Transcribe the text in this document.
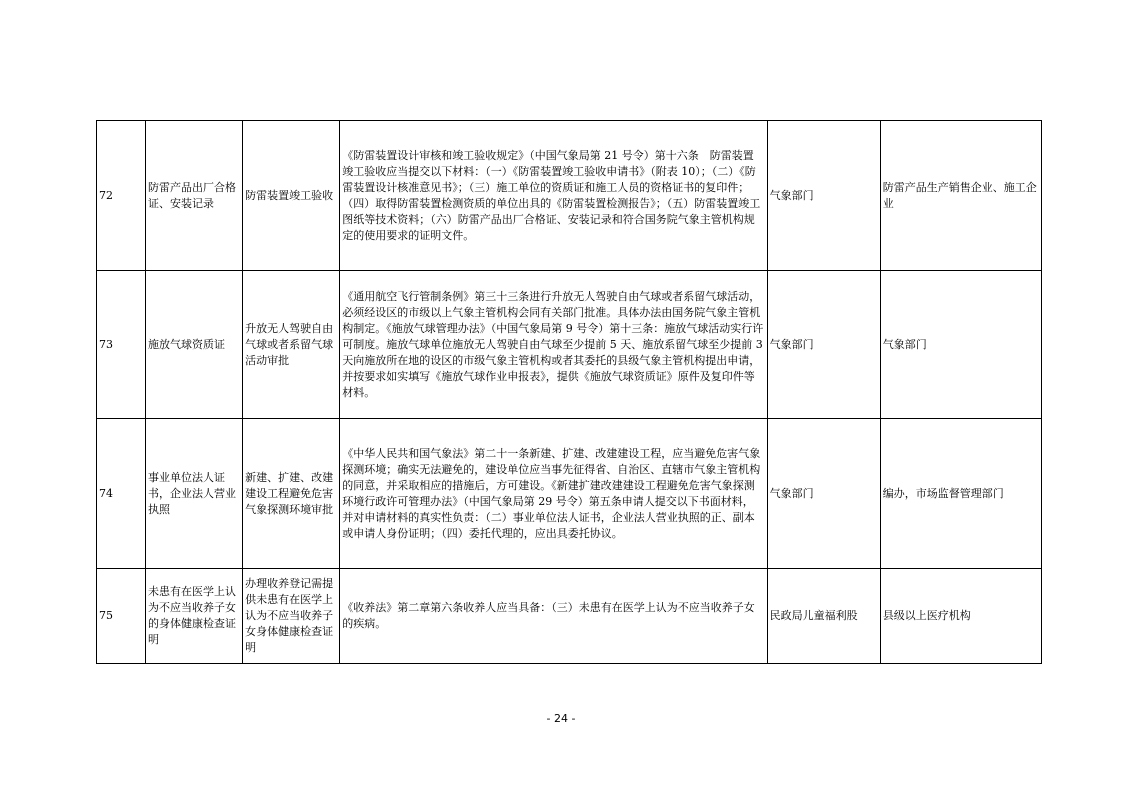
72	防雷产品出厂合格证、安装记录	防雷装置竣工验收	《防雷装置设计审核和竣工验收规定》（中国气象局第 21 号令）第十六条　防雷装置竣工验收应当提交以下材料：（一）《防雷装置竣工验收申请书》（附表 10）；（二）《防雷装置设计核准意见书》；（三）施工单位的资质证和施工人员的资格证书的复印件；（四）取得防雷装置检测资质的单位出具的《防雷装置检测报告》；（五）防雷装置竣工图纸等技术资料；（六）防雷产品出厂合格证、安装记录和符合国务院气象主管机构规定的使用要求的证明文件。	气象部门	防雷产品生产销售企业、施工企业
73	施放气球资质证	升放无人驾驶自由气球或者系留气球活动审批	《通用航空飞行管制条例》第三十三条进行升放无人驾驶自由气球或者系留气球活动，必须经设区的市级以上气象主管机构会同有关部门批准。具体办法由国务院气象主管机构制定。《施放气球管理办法》（中国气象局第 9 号令）第十三条：施放气球活动实行许可制度。施放气球单位施放无人驾驶自由气球至少提前 5 天、施放系留气球至少提前 3 天向施放所在地的设区的市级气象主管机构或者其委托的县级气象主管机构提出申请，并按要求如实填写《施放气球作业申报表》，提供《施放气球资质证》原件及复印件等材料。	气象部门	气象部门
74	事业单位法人证书，企业法人营业执照	新建、扩建、改建建设工程避免危害气象探测环境审批	《中华人民共和国气象法》第二十一条新建、扩建、改建建设工程，应当避免危害气象探测环境；确实无法避免的，建设单位应当事先征得省、自治区、直辖市气象主管机构的同意，并采取相应的措施后，方可建设。《新建扩建改建建设工程避免危害气象探测环境行政许可管理办法》（中国气象局第 29 号令）第五条申请人提交以下书面材料，并对申请材料的真实性负责：（二）事业单位法人证书，企业法人营业执照的正、副本或申请人身份证明；（四）委托代理的，应出具委托协议。	气象部门	编办，市场监督管理部门
75	未患有在医学上认为不应当收养子女的身体健康检查证明	办理收养登记需提供未患有在医学上认为不应当收养子女身体健康检查证明	《收养法》第二章第六条收养人应当具备：（三）未患有在医学上认为不应当收养子女的疾病。	民政局儿童福利股	县级以上医疗机构
- 24 -
